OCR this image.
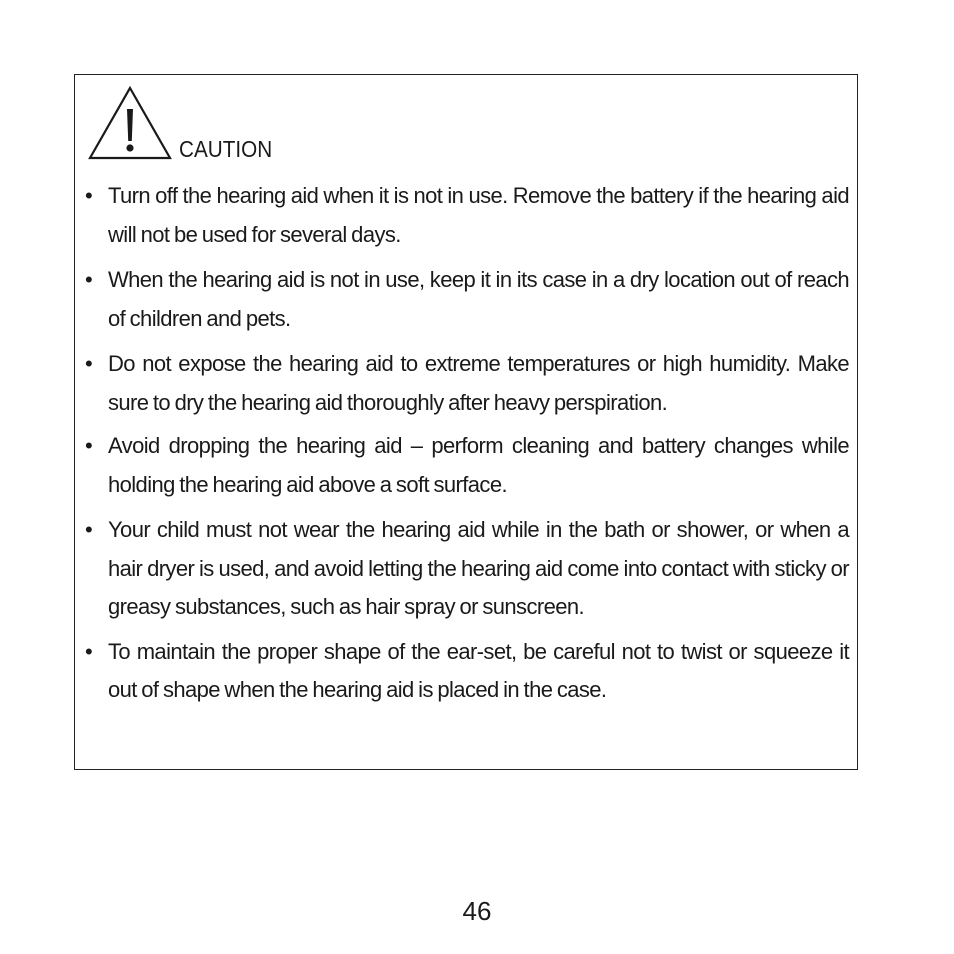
CAUTION
• Turn off the hearing aid when it is not in use. Remove the battery if the hearing aid will not be used for several days.
• When the hearing aid is not in use, keep it in its case in a dry location out of reach of children and pets.
• Do not expose the hearing aid to extreme temperatures or high humidity. Make sure to dry the hearing aid thoroughly after heavy perspiration.
• Avoid dropping the hearing aid – perform cleaning and battery changes while holding the hearing aid above a soft surface.
• Your child must not wear the hearing aid while in the bath or shower, or when a hair dryer is used, and avoid letting the hearing aid come into contact with sticky or greasy substances, such as hair spray or sunscreen.
• To maintain the proper shape of the ear-set, be careful not to twist or squeeze it out of shape when the hearing aid is placed in the case.
46
